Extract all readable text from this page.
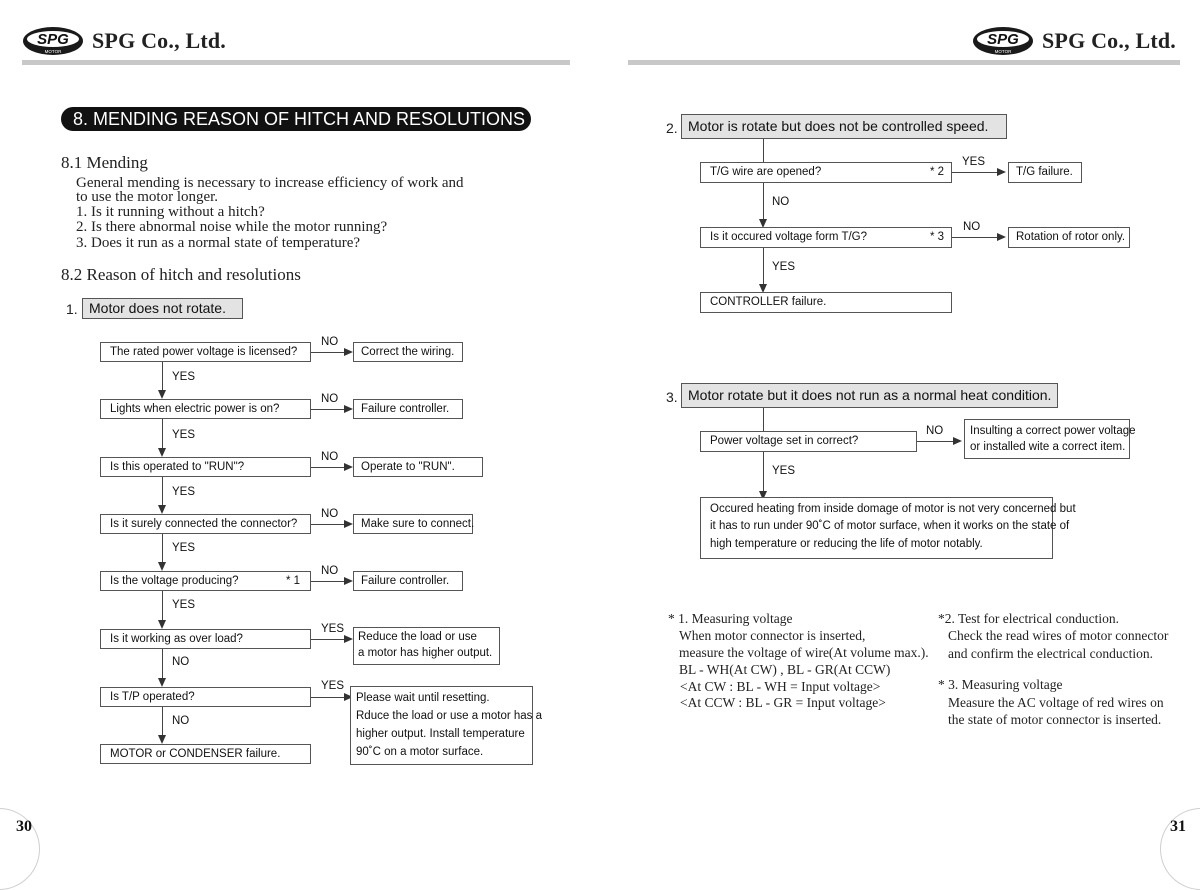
SPG
MOTOR SPG Co., Ltd.	SPG
MOTOR SPG Co., Ltd.
8. MENDING REASON OF HITCH AND RESOLUTIONS
8.1 Mending
General mending is necessary to increase efficiency of work and
to use the motor longer.
1. Is it running without a hitch?
2. Is there abnormal noise while the motor running?
3. Does it run as a normal state of temperature?
8.2 Reason of hitch and resolutions
1. Motor does not rotate.
The rated power voltage is licensed?
Lights when electric power is on?
Is this operated to "RUN"?
Is it surely connected the connector?
Is the voltage producing?	* 1
Is it working as over load?
Is T/P operated?
MOTOR or CONDENSER failure.
NO
NO
NO
NO
NO
YES
YES
Correct the wiring.
Failure controller.
Operate to "RUN".
Make sure to connect.
Failure controller.
Reduce the load or use
a motor has higher output.
Please wait until resetting.
Rduce the load or use a motor has a
higher output. Install temperature
90˚C on a motor surface.
YES
YES
YES
YES
YES
NO
NO
30
2. Motor is rotate but does not be controlled speed.
T/G wire are opened?	* 2
YES
T/G failure.
NO
Is it occured voltage form T/G?	* 3
NO
Rotation of rotor only.
YES
CONTROLLER failure.
3. Motor rotate but it does not run as a normal heat condition.
Power voltage set in correct?
NO Insulting a correct power voltage
or installed wite a correct item.
YES
Occured heating from inside domage of motor is not very concerned but
it has to run under 90˚C of motor surface, when it works on the state of
high temperature or reducing the life of motor notably.
* 1. Measuring voltage
When motor connector is inserted,
measure the voltage of wire(At volume max.).
BL - WH(At CW) , BL - GR(At CCW)
<At CW : BL - WH = Input voltage>
<At CCW : BL - GR = Input voltage>
*2. Test for electrical conduction.
Check the read wires of motor connector
and confirm the electrical conduction.
* 3. Measuring voltage
Measure the AC voltage of red wires on
the state of motor connector is inserted.
31
